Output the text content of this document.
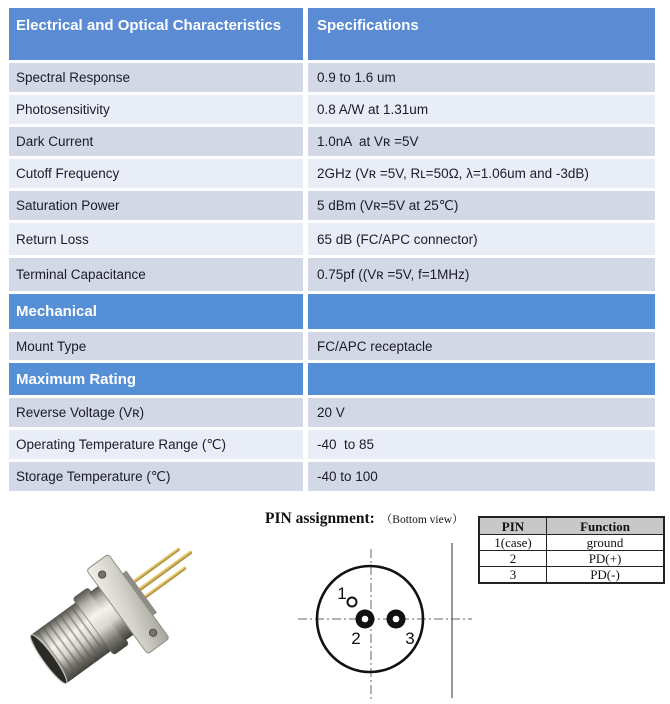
Electrical and Optical Characteristics	Specifications
Spectral Response	0.9 to 1.6 um
Photosensitivity	0.8 A/W at 1.31um
Dark Current	1.0nA  at Vʀ =5V
Cutoff Frequency	2GHᴢ (Vʀ =5V, Rʟ=50Ω, λ=1.06um and -3dB)
Saturation Power	5 dBm (Vʀ=5V at 25℃)
Return Loss	65 dB (FC/APC connector)
Terminal Capacitance	0.75pf ((Vʀ =5V, f=1MHᴢ)
Mechanical
Mount Type	FC/APC receptacle
Maximum Rating
Reverse Voltage (Vʀ)	20 V
Operating Temperature Range (℃)	-40  to 85
Storage Temperature (℃)	-40 to 100
PIN assignment: （Bottom view）
1
2	3
PIN	Function
1(case)	ground
2	PD(+)
3	PD(-)
